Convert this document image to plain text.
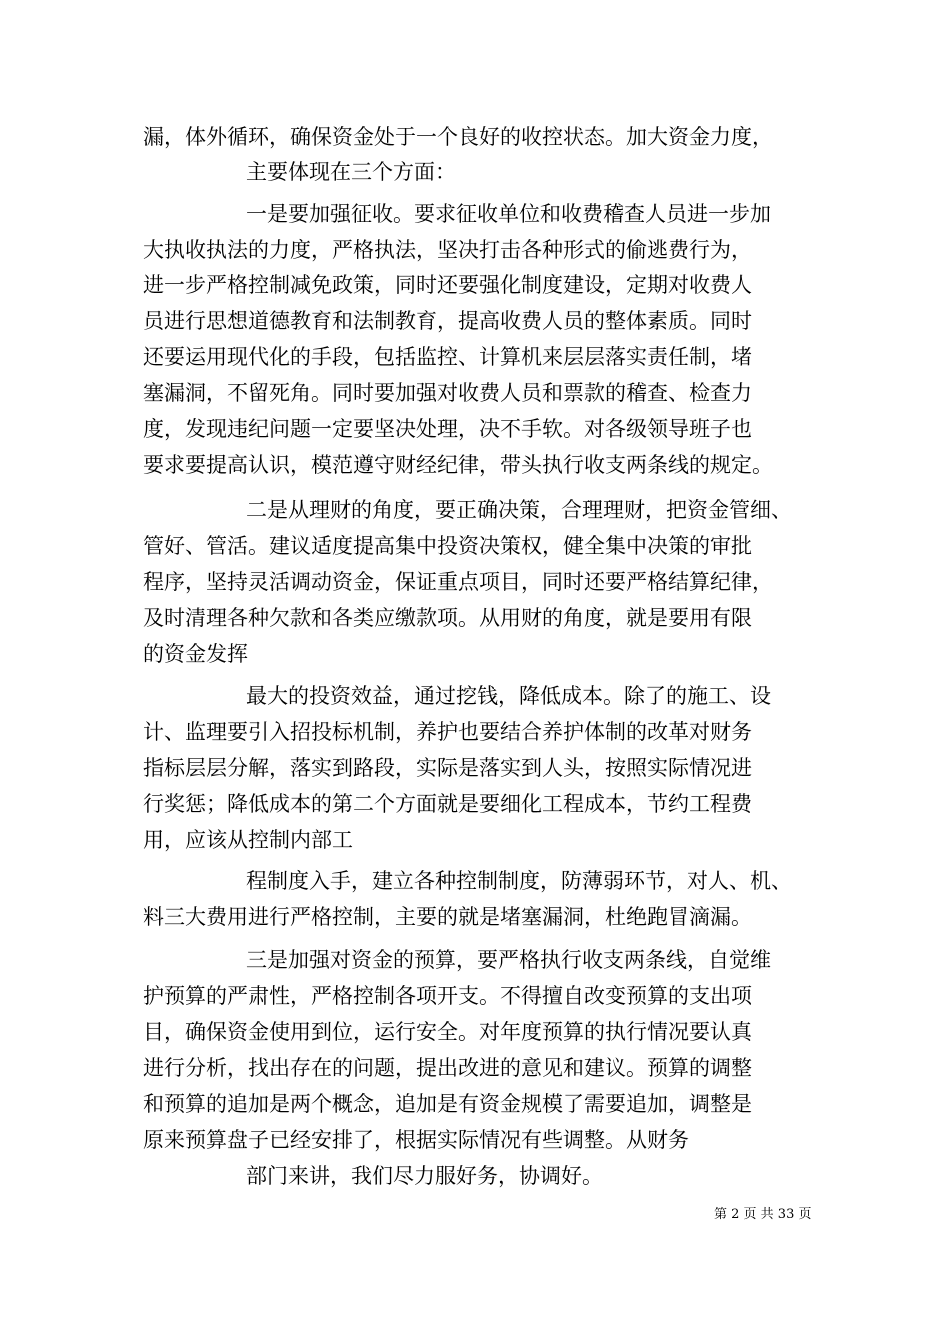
漏，体外循环，确保资金处于一个良好的收控状态。加大资金力度，
主要体现在三个方面：
一是要加强征收。要求征收单位和收费稽查人员进一步加
大执收执法的力度，严格执法，坚决打击各种形式的偷逃费行为，
进一步严格控制减免政策，同时还要强化制度建设，定期对收费人
员进行思想道德教育和法制教育，提高收费人员的整体素质。同时
还要运用现代化的手段，包括监控、计算机来层层落实责任制，堵
塞漏洞，不留死角。同时要加强对收费人员和票款的稽查、检查力
度，发现违纪问题一定要坚决处理，决不手软。对各级领导班子也
要求要提高认识，模范遵守财经纪律，带头执行收支两条线的规定。
二是从理财的角度，要正确决策，合理理财，把资金管细、
管好、管活。建议适度提高集中投资决策权，健全集中决策的审批
程序，坚持灵活调动资金，保证重点项目，同时还要严格结算纪律，
及时清理各种欠款和各类应缴款项。从用财的角度，就是要用有限
的资金发挥
最大的投资效益，通过挖钱，降低成本。除了的施工、设
计、监理要引入招投标机制，养护也要结合养护体制的改革对财务
指标层层分解，落实到路段，实际是落实到人头，按照实际情况进
行奖惩；降低成本的第二个方面就是要细化工程成本，节约工程费
用，应该从控制内部工
程制度入手，建立各种控制制度，防薄弱环节，对人、机、
料三大费用进行严格控制，主要的就是堵塞漏洞，杜绝跑冒滴漏。
三是加强对资金的预算，要严格执行收支两条线，自觉维
护预算的严肃性，严格控制各项开支。不得擅自改变预算的支出项
目，确保资金使用到位，运行安全。对年度预算的执行情况要认真
进行分析，找出存在的问题，提出改进的意见和建议。预算的调整
和预算的追加是两个概念，追加是有资金规模了需要追加，调整是
原来预算盘子已经安排了，根据实际情况有些调整。从财务
部门来讲，我们尽力服好务，协调好。
第 2 页 共 33 页
